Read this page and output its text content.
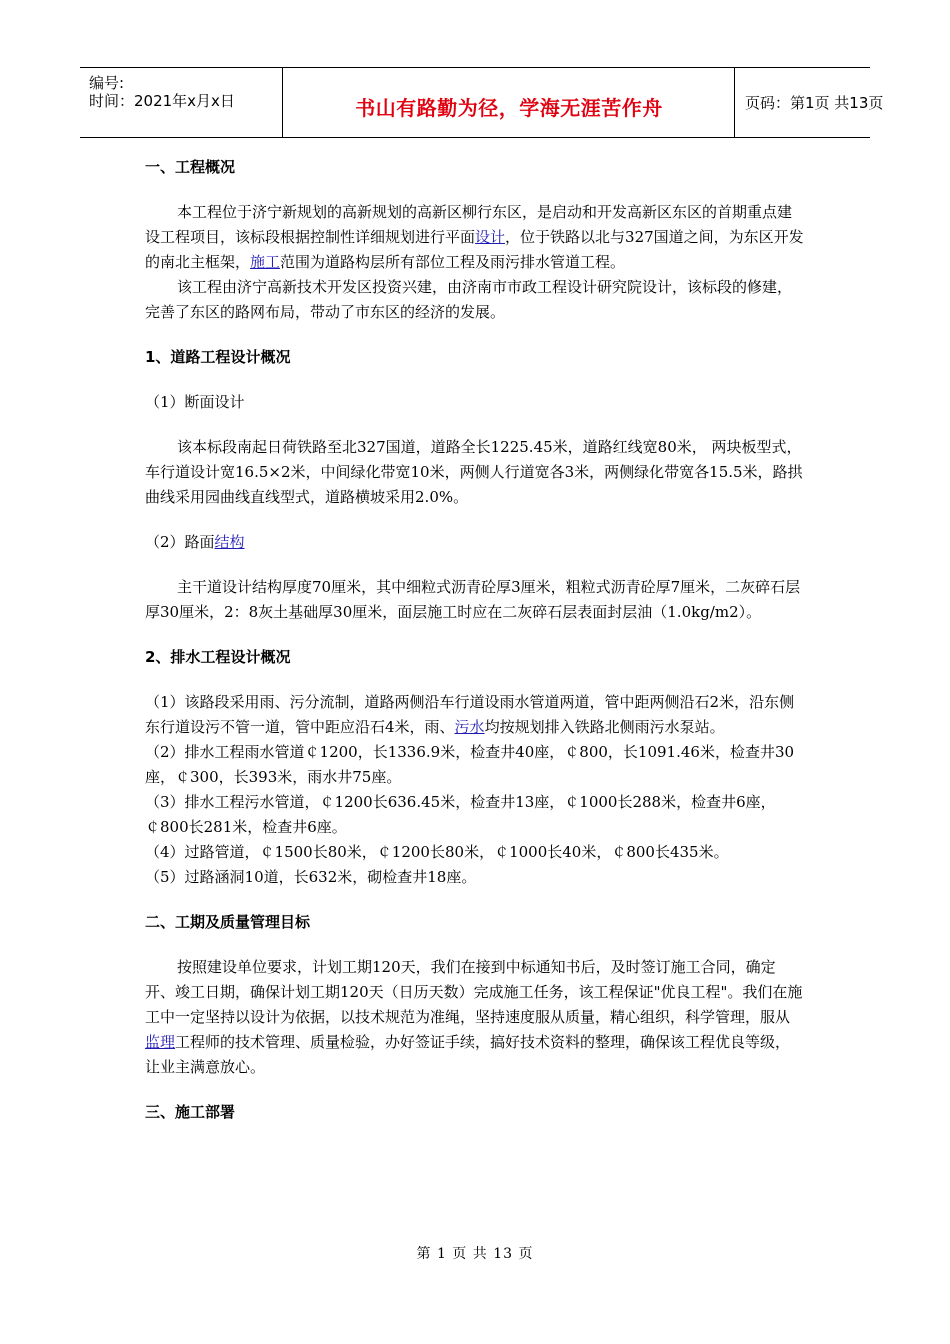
编号:
时间：2021年x月x日	书山有路勤为径，学海无涯苦作舟	页码：第1页 共13页
一、工程概况

本工程位于济宁新规划的高新规划的高新区柳行东区，是启动和开发高新区东区的首期重点建设工程项目，该标段根据控制性详细规划进行平面设计，位于铁路以北与327国道之间，为东区开发的南北主框架，施工范围为道路构层所有部位工程及雨污排水管道工程。

该工程由济宁高新技术开发区投资兴建，由济南市市政工程设计研究院设计，该标段的修建，完善了东区的路网布局，带动了市东区的经济的发展。

1、道路工程设计概况

（1）断面设计

该本标段南起日荷铁路至北327国道，道路全长1225.45米，道路红线宽80米， 两块板型式，车行道设计宽16.5×2米，中间绿化带宽10米，两侧人行道宽各3米，两侧绿化带宽各15.5米，路拱曲线采用园曲线直线型式，道路横坡采用2.0%。

（2）路面结构

主干道设计结构厚度70厘米，其中细粒式沥青砼厚3厘米，粗粒式沥青砼厚7厘米，二灰碎石层厚30厘米，2：8灰土基础厚30厘米，面层施工时应在二灰碎石层表面封层油（1.0kg/m2）。

2、排水工程设计概况

（1）该路段采用雨、污分流制，道路两侧沿车行道设雨水管道两道，管中距两侧沿石2米，沿东侧东行道设污不管一道，管中距应沿石4米，雨、污水均按规划排入铁路北侧雨污水泵站。

（2）排水工程雨水管道￠1200，长1336.9米，检查井40座，￠800，长1091.46米，检查井30座，￠300，长393米，雨水井75座。

（3）排水工程污水管道，￠1200长636.45米，检查井13座，￠1000长288米，检查井6座，￠800长281米，检查井6座。

（4）过路管道，￠1500长80米，￠1200长80米，￠1000长40米，￠800长435米。

（5）过路涵洞10道，长632米，砌检查井18座。

二、工期及质量管理目标

按照建设单位要求，计划工期120天，我们在接到中标通知书后，及时签订施工合同，确定开、竣工日期，确保计划工期120天（日历天数）完成施工任务，该工程保证"优良工程"。我们在施工中一定坚持以设计为依据，以技术规范为准绳，坚持速度服从质量，精心组织，科学管理，服从监理工程师的技术管理、质量检验，办好签证手续，搞好技术资料的整理，确保该工程优良等级，让业主满意放心。

三、施工部署
第 1 页 共 13 页
